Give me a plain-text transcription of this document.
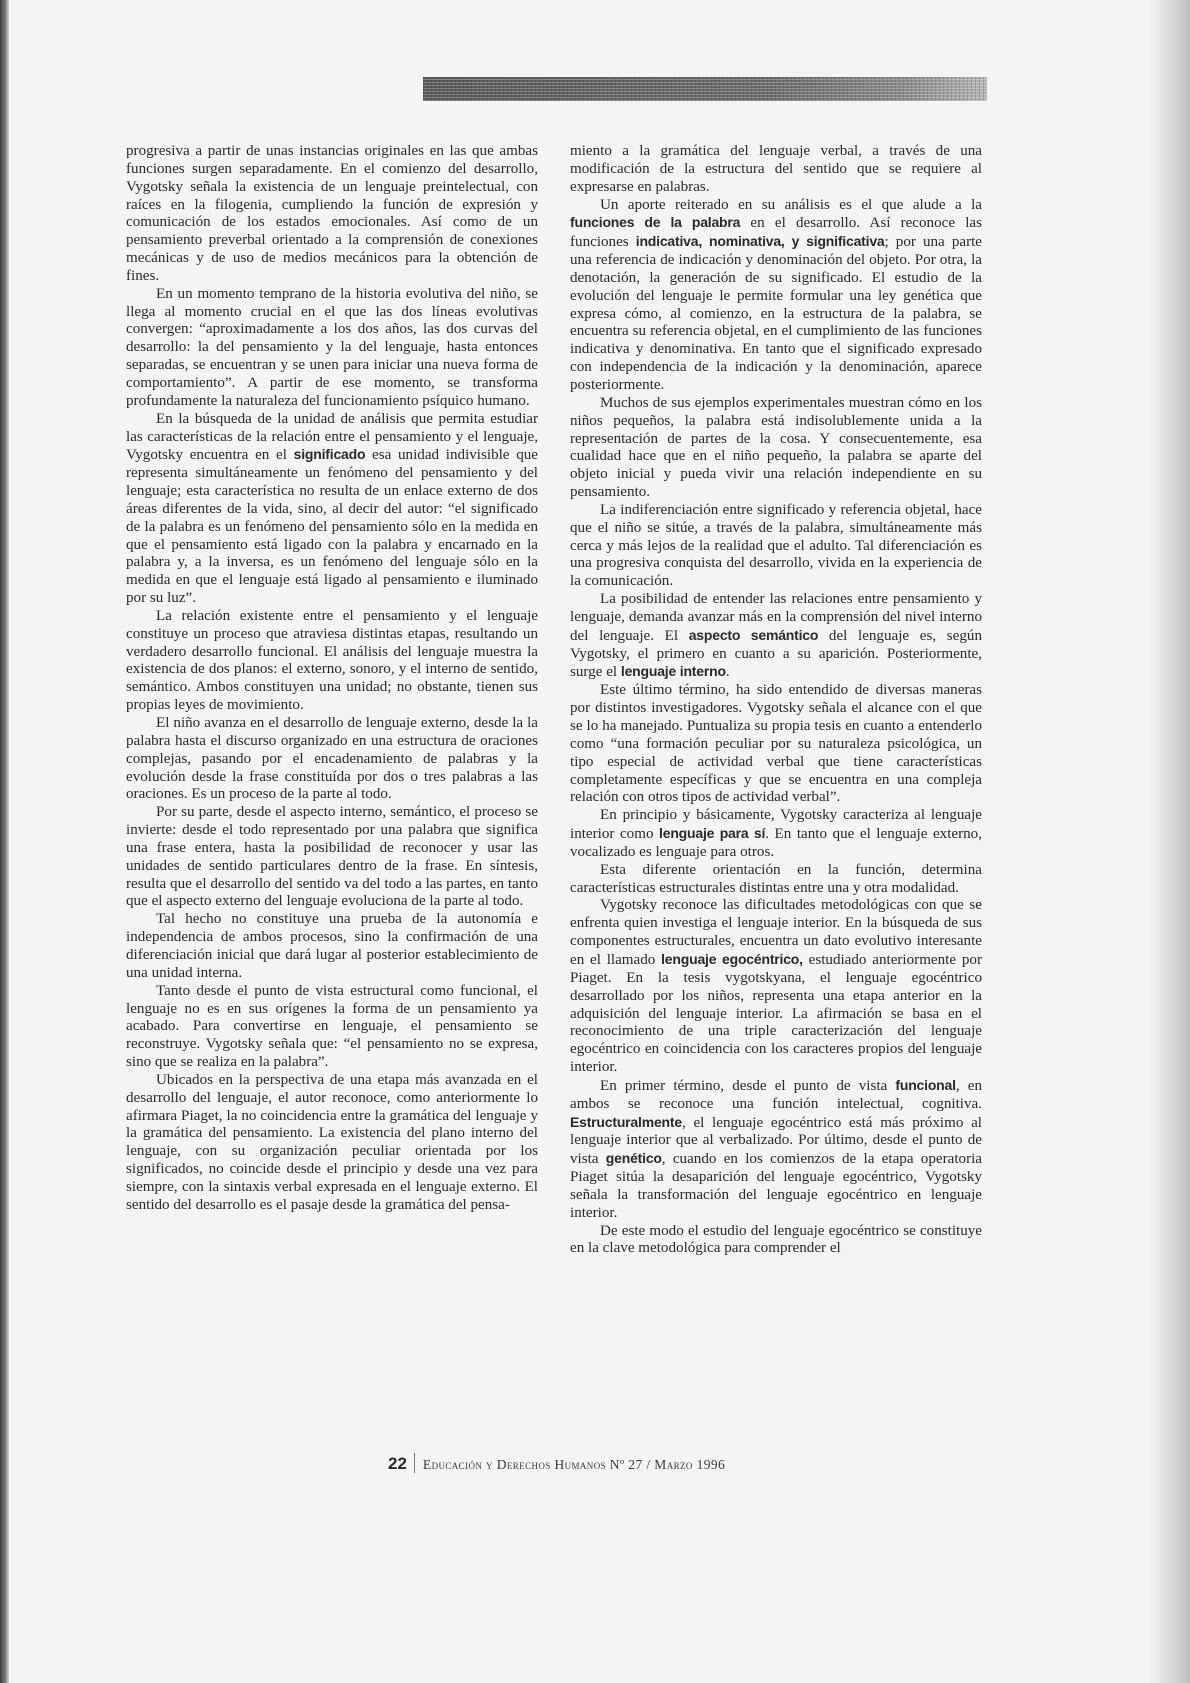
progresiva a partir de unas instancias originales en las que ambas funciones surgen separadamente. En el comienzo del desarrollo, Vygotsky señala la existencia de un lenguaje preintelectual, con raíces en la filogenia, cumpliendo la función de expresión y comunicación de los estados emocionales. Así como de un pensamiento preverbal orientado a la comprensión de conexiones mecánicas y de uso de medios mecánicos para la obtención de fines.

En un momento temprano de la historia evolutiva del niño, se llega al momento crucial en el que las dos líneas evolutivas convergen: “aproximadamente a los dos años, las dos curvas del desarrollo: la del pensamiento y la del lenguaje, hasta entonces separadas, se encuentran y se unen para iniciar una nueva forma de comportamiento”. A partir de ese momento, se transforma profundamente la naturaleza del funcionamiento psíquico humano.

En la búsqueda de la unidad de análisis que permita estudiar las características de la relación entre el pensamiento y el lenguaje, Vygotsky encuentra en el significado esa unidad indivisible que representa simultáneamente un fenómeno del pensamiento y del lenguaje; esta característica no resulta de un enlace externo de dos áreas diferentes de la vida, sino, al decir del autor: “el significado de la palabra es un fenómeno del pensamiento sólo en la medida en que el pensamiento está ligado con la palabra y encarnado en la palabra y, a la inversa, es un fenómeno del lenguaje sólo en la medida en que el lenguaje está ligado al pensamiento e iluminado por su luz”.

La relación existente entre el pensamiento y el lenguaje constituye un proceso que atraviesa distintas etapas, resultando un verdadero desarrollo funcional. El análisis del lenguaje muestra la existencia de dos planos: el externo, sonoro, y el interno de sentido, semántico. Ambos constituyen una unidad; no obstante, tienen sus propias leyes de movimiento.

El niño avanza en el desarrollo de lenguaje externo, desde la la palabra hasta el discurso organizado en una estructura de oraciones complejas, pasando por el encadenamiento de palabras y la evolución desde la frase constituída por dos o tres palabras a las oraciones. Es un proceso de la parte al todo.

Por su parte, desde el aspecto interno, semántico, el proceso se invierte: desde el todo representado por una palabra que significa una frase entera, hasta la posibilidad de reconocer y usar las unidades de sentido particulares dentro de la frase. En síntesis, resulta que el desarrollo del sentido va del todo a las partes, en tanto que el aspecto externo del lenguaje evoluciona de la parte al todo.

Tal hecho no constituye una prueba de la autonomía e independencia de ambos procesos, sino la confirmación de una diferenciación inicial que dará lugar al posterior establecimiento de una unidad interna.

Tanto desde el punto de vista estructural como funcional, el lenguaje no es en sus orígenes la forma de un pensamiento ya acabado. Para convertirse en lenguaje, el pensamiento se reconstruye. Vygotsky señala que: “el pensamiento no se expresa, sino que se realiza en la palabra”.

Ubicados en la perspectiva de una etapa más avanzada en el desarrollo del lenguaje, el autor reconoce, como anteriormente lo afirmara Piaget, la no coincidencia entre la gramática del lenguaje y la gramática del pensamiento. La existencia del plano interno del lenguaje, con su organización peculiar orientada por los significados, no coincide desde el principio y desde una vez para siempre, con la sintaxis verbal expresada en el lenguaje externo. El sentido del desarrollo es el pasaje desde la gramática del pensa-

miento a la gramática del lenguaje verbal, a través de una modificación de la estructura del sentido que se requiere al expresarse en palabras.

Un aporte reiterado en su análisis es el que alude a la funciones de la palabra en el desarrollo. Así reconoce las funciones indicativa, nominativa, y significativa; por una parte una referencia de indicación y denominación del objeto. Por otra, la denotación, la generación de su significado. El estudio de la evolución del lenguaje le permite formular una ley genética que expresa cómo, al comienzo, en la estructura de la palabra, se encuentra su referencia objetal, en el cumplimiento de las funciones indicativa y denominativa. En tanto que el significado expresado con independencia de la indicación y la denominación, aparece posteriormente.

Muchos de sus ejemplos experimentales muestran cómo en los niños pequeños, la palabra está indisolublemente unida a la representación de partes de la cosa. Y consecuentemente, esa cualidad hace que en el niño pequeño, la palabra se aparte del objeto inicial y pueda vivir una relación independiente en su pensamiento.

La indiferenciación entre significado y referencia objetal, hace que el niño se sitúe, a través de la palabra, simultáneamente más cerca y más lejos de la realidad que el adulto. Tal diferenciación es una progresiva conquista del desarrollo, vivida en la experiencia de la comunicación.

La posibilidad de entender las relaciones entre pensamiento y lenguaje, demanda avanzar más en la comprensión del nivel interno del lenguaje. El aspecto semántico del lenguaje es, según Vygotsky, el primero en cuanto a su aparición. Posteriormente, surge el lenguaje interno.

Este último término, ha sido entendido de diversas maneras por distintos investigadores. Vygotsky señala el alcance con el que se lo ha manejado. Puntualiza su propia tesis en cuanto a entenderlo como “una formación peculiar por su naturaleza psicológica, un tipo especial de actividad verbal que tiene características completamente específicas y que se encuentra en una compleja relación con otros tipos de actividad verbal”.

En principio y básicamente, Vygotsky caracteriza al lenguaje interior como lenguaje para sí. En tanto que el lenguaje externo, vocalizado es lenguaje para otros.

Esta diferente orientación en la función, determina características estructurales distintas entre una y otra modalidad.

Vygotsky reconoce las dificultades metodológicas con que se enfrenta quien investiga el lenguaje interior. En la búsqueda de sus componentes estructurales, encuentra un dato evolutivo interesante en el llamado lenguaje egocéntrico, estudiado anteriormente por Piaget. En la tesis vygotskyana, el lenguaje egocéntrico desarrollado por los niños, representa una etapa anterior en la adquisición del lenguaje interior. La afirmación se basa en el reconocimiento de una triple caracterización del lenguaje egocéntrico en coincidencia con los caracteres propios del lenguaje interior.

En primer término, desde el punto de vista funcional, en ambos se reconoce una función intelectual, cognitiva. Estructuralmente, el lenguaje egocéntrico está más próximo al lenguaje interior que al verbalizado. Por último, desde el punto de vista genético, cuando en los comienzos de la etapa operatoria Piaget sitúa la desaparición del lenguaje egocéntrico, Vygotsky señala la transformación del lenguaje egocéntrico en lenguaje interior.

De este modo el estudio del lenguaje egocéntrico se constituye en la clave metodológica para comprender el

22 Educación y Derechos Humanos Nº 27 / Marzo 1996
